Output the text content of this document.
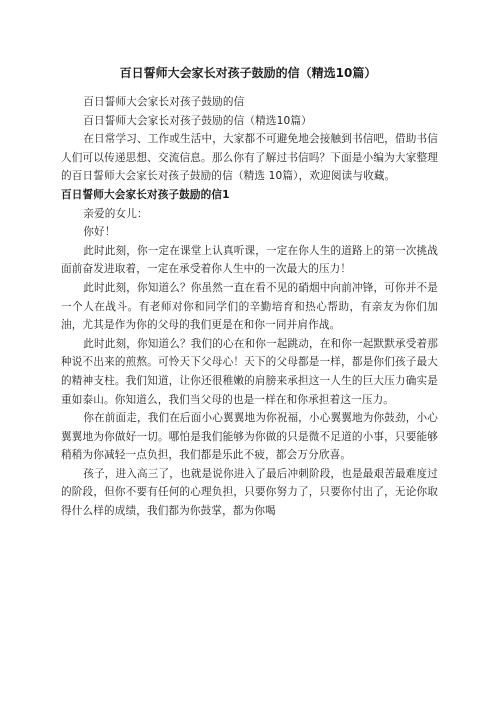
百日誓师大会家长对孩子鼓励的信（精选10篇）

百日誓师大会家长对孩子鼓励的信

百日誓师大会家长对孩子鼓励的信（精选10篇）

在日常学习、工作或生活中，大家都不可避免地会接触到书信吧，借助书信人们可以传递思想、交流信息。那么你有了解过书信吗？下面是小编为大家整理的百日誓师大会家长对孩子鼓励的信（精选 10篇），欢迎阅读与收藏。

百日誓师大会家长对孩子鼓励的信1

亲爱的女儿：

你好！

此时此刻，你一定在课堂上认真听课，一定在你人生的道路上的第一次挑战面前奋发进取着，一定在承受着你人生中的一次最大的压力！

此时此刻，你知道么？你虽然一直在看不见的硝烟中向前冲锋，可你并不是一个人在战斗。有老师对你和同学们的辛勤培育和热心帮助，有亲友为你们加油，尤其是作为你的父母的我们更是在和你一同并肩作战。

此时此刻，你知道么？我们的心在和你一起跳动，在和你一起默默承受着那种说不出来的煎熬。可怜天下父母心！天下的父母都是一样，都是你们孩子最大的精神支柱。我们知道，让你还很稚嫩的肩膀来承担这一人生的巨大压力确实是重如泰山。你知道么，我们当父母的也是一样在和你承担着这一压力。

你在前面走，我们在后面小心翼翼地为你祝福，小心翼翼地为你鼓劲，小心翼翼地为你做好一切。哪怕是我们能够为你做的只是微不足道的小事，只要能够稍稍为你减轻一点负担，我们都是乐此不疲，都会万分欣喜。

孩子，进入高三了，也就是说你进入了最后冲刺阶段，也是最艰苦最难度过的阶段，但你不要有任何的心理负担，只要你努力了，只要你付出了，无论你取得什么样的成绩，我们都为你鼓掌，都为你喝
